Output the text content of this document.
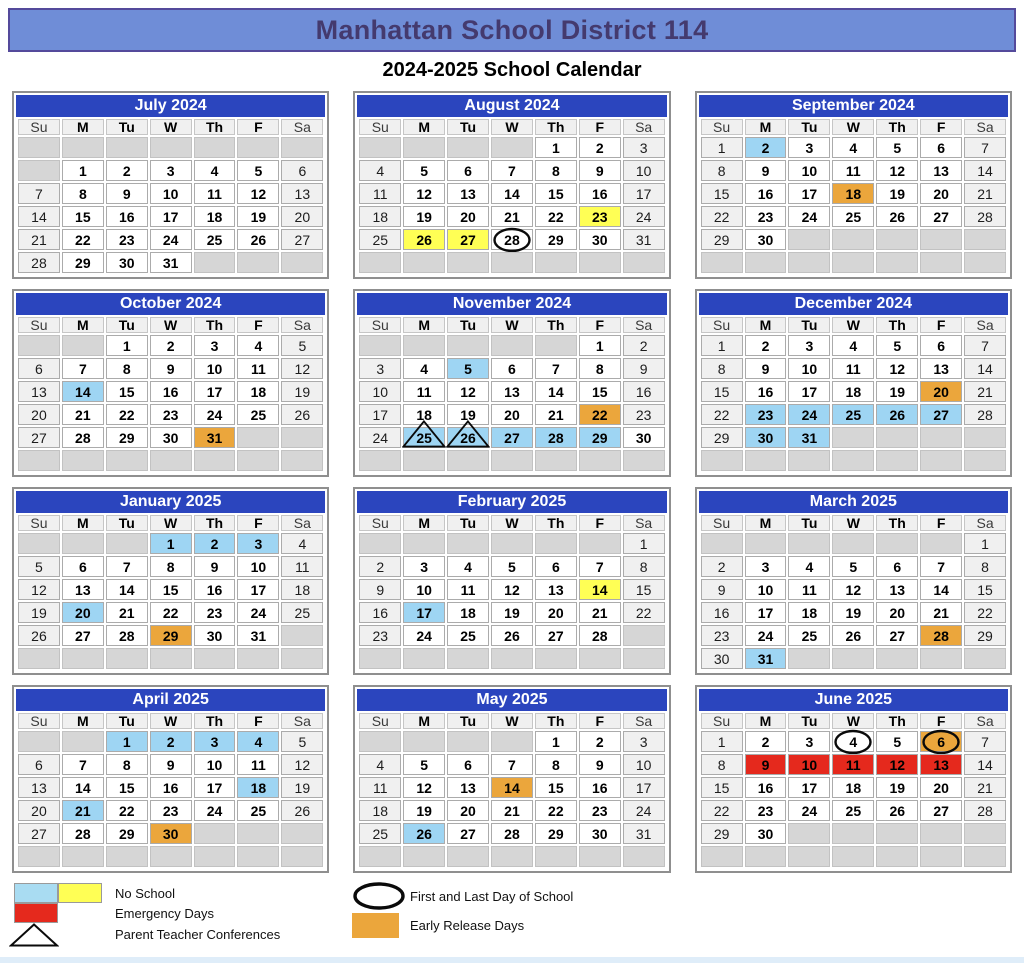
Manhattan School District 114
2024-2025 School Calendar
July 2024
Su	M	Tu	W	Th	F	Sa

	1	2	3	4	5	6
7	8	9	10	11	12	13
14	15	16	17	18	19	20
21	22	23	24	25	26	27
28	29	30	31			
August 2024
Su	M	Tu	W	Th	F	Sa
				1	2	3
4	5	6	7	8	9	10
11	12	13	14	15	16	17
18	19	20	21	22	23	24
25	26	27	28	29	30	31

September 2024
Su	M	Tu	W	Th	F	Sa
1	2	3	4	5	6	7
8	9	10	11	12	13	14
15	16	17	18	19	20	21
22	23	24	25	26	27	28
29	30					

October 2024
Su	M	Tu	W	Th	F	Sa
		1	2	3	4	5
6	7	8	9	10	11	12
13	14	15	16	17	18	19
20	21	22	23	24	25	26
27	28	29	30	31		

November 2024
Su	M	Tu	W	Th	F	Sa
					1	2
3	4	5	6	7	8	9
10	11	12	13	14	15	16
17	18	19	20	21	22	23
24	25	26	27	28	29	30

December 2024
Su	M	Tu	W	Th	F	Sa
1	2	3	4	5	6	7
8	9	10	11	12	13	14
15	16	17	18	19	20	21
22	23	24	25	26	27	28
29	30	31				

January 2025
Su	M	Tu	W	Th	F	Sa
			1	2	3	4
5	6	7	8	9	10	11
12	13	14	15	16	17	18
19	20	21	22	23	24	25
26	27	28	29	30	31	

February 2025
Su	M	Tu	W	Th	F	Sa
						1
2	3	4	5	6	7	8
9	10	11	12	13	14	15
16	17	18	19	20	21	22
23	24	25	26	27	28	

March 2025
Su	M	Tu	W	Th	F	Sa
						1
2	3	4	5	6	7	8
9	10	11	12	13	14	15
16	17	18	19	20	21	22
23	24	25	26	27	28	29
30	31					
April 2025
Su	M	Tu	W	Th	F	Sa
		1	2	3	4	5
6	7	8	9	10	11	12
13	14	15	16	17	18	19
20	21	22	23	24	25	26
27	28	29	30			

May 2025
Su	M	Tu	W	Th	F	Sa
				1	2	3
4	5	6	7	8	9	10
11	12	13	14	15	16	17
18	19	20	21	22	23	24
25	26	27	28	29	30	31

June 2025
Su	M	Tu	W	Th	F	Sa
1	2	3	4	5	6	7
8	9	10	11	12	13	14
15	16	17	18	19	20	21
22	23	24	25	26	27	28
29	30					

No School
Emergency Days
Parent Teacher Conferences
First and Last Day of School
Early Release Days
